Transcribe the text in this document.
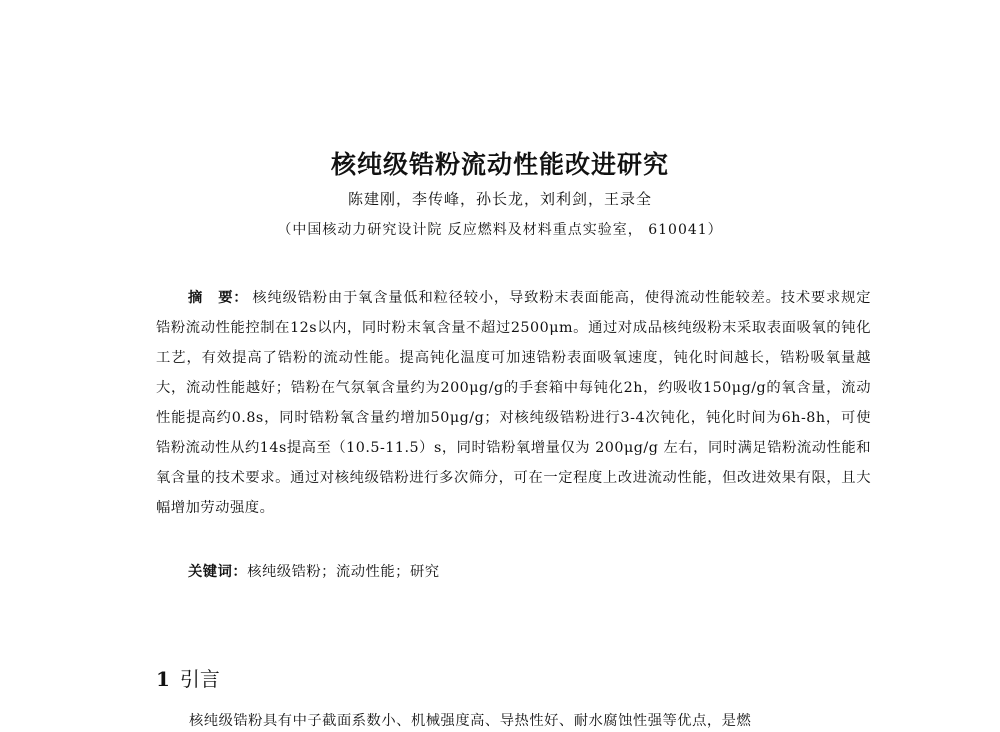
核纯级锆粉流动性能改进研究
陈建刚，李传峰，孙长龙，刘利剑，王录全
（中国核动力研究设计院 反应燃料及材料重点实验室， 610041）
摘　要： 核纯级锆粉由于氧含量低和粒径较小，导致粉末表面能高，使得流动性能较差。技术要求规定锆粉流动性能控制在12s以内，同时粉末氧含量不超过2500μm。通过对成品核纯级粉末采取表面吸氧的钝化工艺，有效提高了锆粉的流动性能。提高钝化温度可加速锆粉表面吸氧速度，钝化时间越长，锆粉吸氧量越大，流动性能越好；锆粉在气氛氧含量约为200μg/g的手套箱中每钝化2h，约吸收150μg/g的氧含量，流动性能提高约0.8s，同时锆粉氧含量约增加50μg/g；对核纯级锆粉进行3-4次钝化，钝化时间为6h-8h，可使锆粉流动性从约14s提高至（10.5-11.5）s，同时锆粉氧增量仅为 200μg/g 左右，同时满足锆粉流动性能和氧含量的技术要求。通过对核纯级锆粉进行多次筛分，可在一定程度上改进流动性能，但改进效果有限，且大幅增加劳动强度。
关键词：核纯级锆粉；流动性能；研究
1 引言
核纯级锆粉具有中子截面系数小、机械强度高、导热性好、耐水腐蚀性强等优点，是燃
